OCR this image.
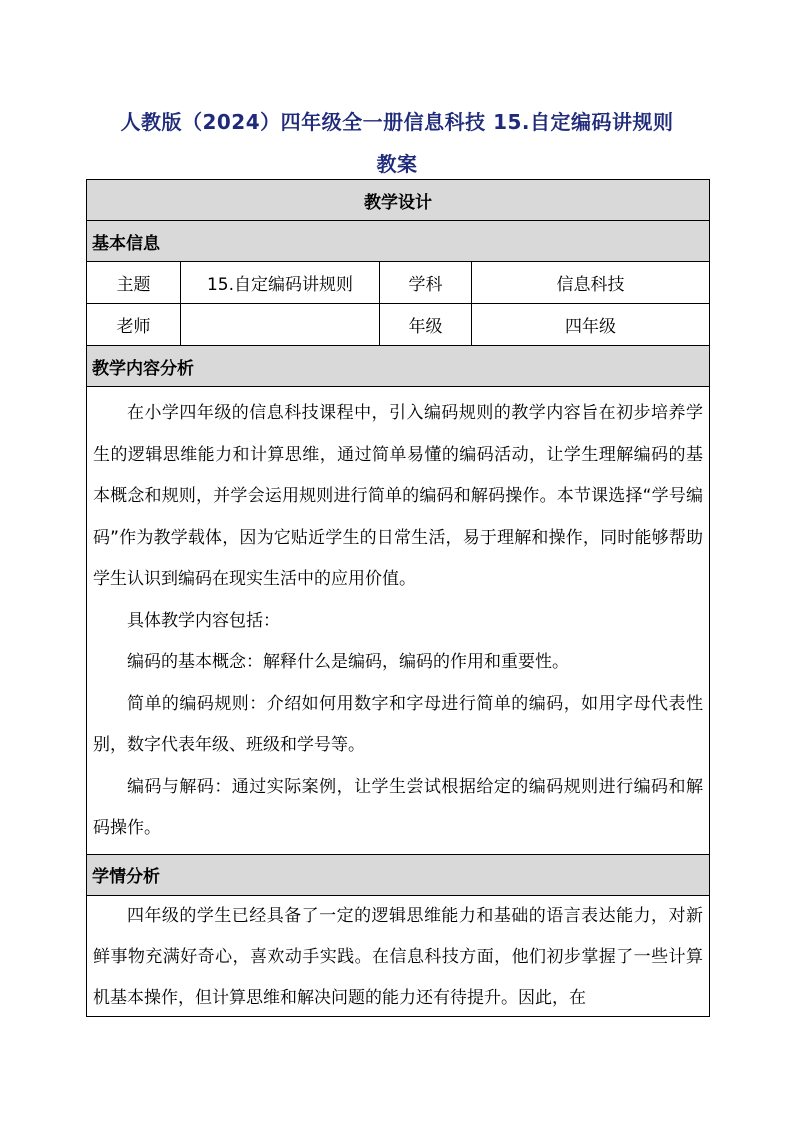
人教版（2024）四年级全一册信息科技 15.自定编码讲规则
教案
教学设计			
基本信息			
主题	15.自定编码讲规则	学科	信息科技
老师		年级	四年级
教学内容分析			

在小学四年级的信息科技课程中，引入编码规则的教学内容旨在初步培养学生的逻辑思维能力和计算思维，通过简单易懂的编码活动，让学生理解编码的基本概念和规则，并学会运用规则进行简单的编码和解码操作。本节课选择“学号编码”作为教学载体，因为它贴近学生的日常生活，易于理解和操作，同时能够帮助学生认识到编码在现实生活中的应用价值。

具体教学内容包括：

编码的基本概念：解释什么是编码，编码的作用和重要性。

简单的编码规则：介绍如何用数字和字母进行简单的编码，如用字母代表性别，数字代表年级、班级和学号等。

编码与解码：通过实际案例，让学生尝试根据给定的编码规则进行编码和解码操作。			

学情分析			

四年级的学生已经具备了一定的逻辑思维能力和基础的语言表达能力，对新鲜事物充满好奇心，喜欢动手实践。在信息科技方面，他们初步掌握了一些计算机基本操作，但计算思维和解决问题的能力还有待提升。因此，在			
